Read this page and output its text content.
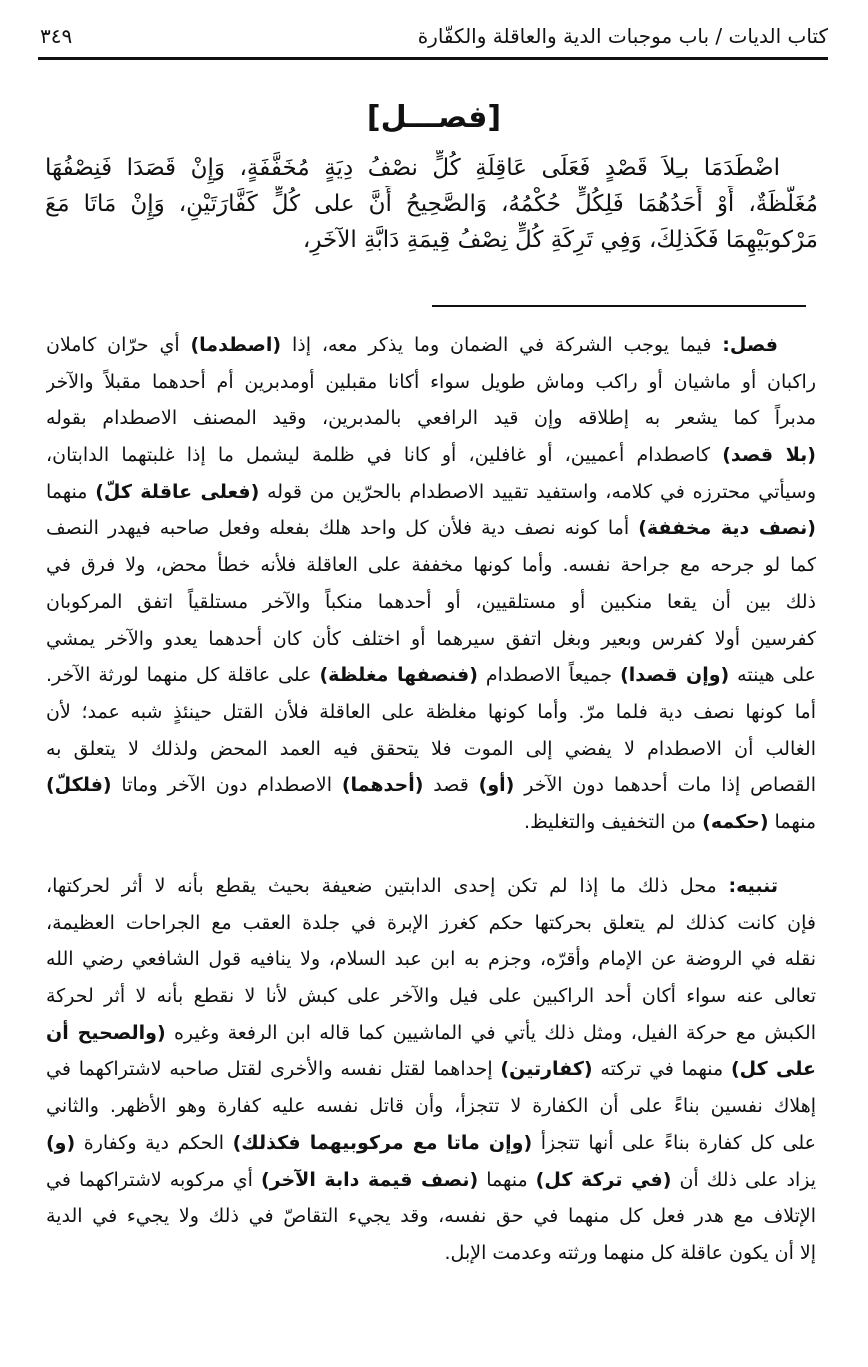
كتاب الديات / باب موجبات الدية والعاقلة والكفّارة
٣٤٩
[فصـــل]
اضْطَدَمَا بـِلاَ قَصْدٍ فَعَلَى عَاقِلَةِ كُلٍّ نصْفُ دِيَةٍ مُخَفَّفَةٍ، وَإِنْ قَصَدَا فَنِصْفُهَا
مُغَلَّظَةٌ، أَوْ أَحَدُهُمَا فَلِكُلٍّ حُكْمُهُ، وَالصَّحِيحُ أَنَّ على كُلٍّ كَفَّارَتَيْنِ، وَإِنْ مَاتَا مَعَ
مَرْكوبَيْهِمَا فَكَذلِكَ، وَفِي تَرِكَةِ كُلٍّ نِصْفُ قِيمَةِ دَابَّةِ الآخَرِ،
فصل: فيما يوجب الشركة في الضمان وما يذكر معه، إذا (اصطدما) أي حرّان كاملان
راكبان أو ماشيان أو راكب وماش طويل سواء أكانا مقبلين أومدبرين أم أحدهما مقبلاً والآخر
مدبراً كما يشعر به إطلاقه وإن قيد الرافعي بالمدبرين، وقيد المصنف الاصطدام بقوله
(بلا قصد) كاصطدام أعميين، أو غافلين، أو كانا في ظلمة ليشمل ما إذا غلبتهما الدابتان،
وسيأتي محترزه في كلامه، واستفيد تقييد الاصطدام بالحرّين من قوله (فعلى عاقلة كلّ) منهما
(نصف دية مخففة) أما كونه نصف دية فلأن كل واحد هلك بفعله وفعل صاحبه فيهدر النصف
كما لو جرحه مع جراحة نفسه. وأما كونها مخففة على العاقلة فلأنه خطأ محض، ولا فرق في
ذلك بين أن يقعا منكبين أو مستلقيين، أو أحدهما منكباً والآخر مستلقياً اتفق المركوبان
كفرسين أولا كفرس وبعير وبغل اتفق سيرهما أو اختلف كأن كان أحدهما يعدو والآخر يمشي
على هينته (وإن قصدا) جميعاً الاصطدام (فنصفها مغلظة) على عاقلة كل منهما لورثة الآخر.
أما كونها نصف دية فلما مرّ. وأما كونها مغلظة على العاقلة فلأن القتل حينئذٍ شبه عمد؛ لأن
الغالب أن الاصطدام لا يفضي إلى الموت فلا يتحقق فيه العمد المحض ولذلك لا يتعلق به
القصاص إذا مات أحدهما دون الآخر (أو) قصد (أحدهما) الاصطدام دون الآخر وماتا (فلكلّ)
منهما (حكمه) من التخفيف والتغليظ.
تنبيه: محل ذلك ما إذا لم تكن إحدى الدابتين ضعيفة بحيث يقطع بأنه لا أثر لحركتها،
فإن كانت كذلك لم يتعلق بحركتها حكم كغرز الإبرة في جلدة العقب مع الجراحات العظيمة،
نقله في الروضة عن الإمام وأقرّه، وجزم به ابن عبد السلام، ولا ينافيه قول الشافعي رضي الله
تعالى عنه سواء أكان أحد الراكبين على فيل والآخر على كبش لأنا لا نقطع بأنه لا أثر لحركة
الكبش مع حركة الفيل، ومثل ذلك يأتي في الماشيين كما قاله ابن الرفعة وغيره (والصحيح أن
على كل) منهما في تركته (كفارتين) إحداهما لقتل نفسه والأخرى لقتل صاحبه لاشتراكهما في
إهلاك نفسين بناءً على أن الكفارة لا تتجزأ، وأن قاتل نفسه عليه كفارة وهو الأظهر. والثاني
على كل كفارة بناءً على أنها تتجزأ (وإن ماتا مع مركوبيهما فكذلك) الحكم دية وكفارة (و)
يزاد على ذلك أن (في تركة كل) منهما (نصف قيمة دابة الآخر) أي مركوبه لاشتراكهما في
الإتلاف مع هدر فعل كل منهما في حق نفسه، وقد يجيء التقاصّ في ذلك ولا يجيء في الدية
إلا أن يكون عاقلة كل منهما ورثته وعدمت الإبل.
